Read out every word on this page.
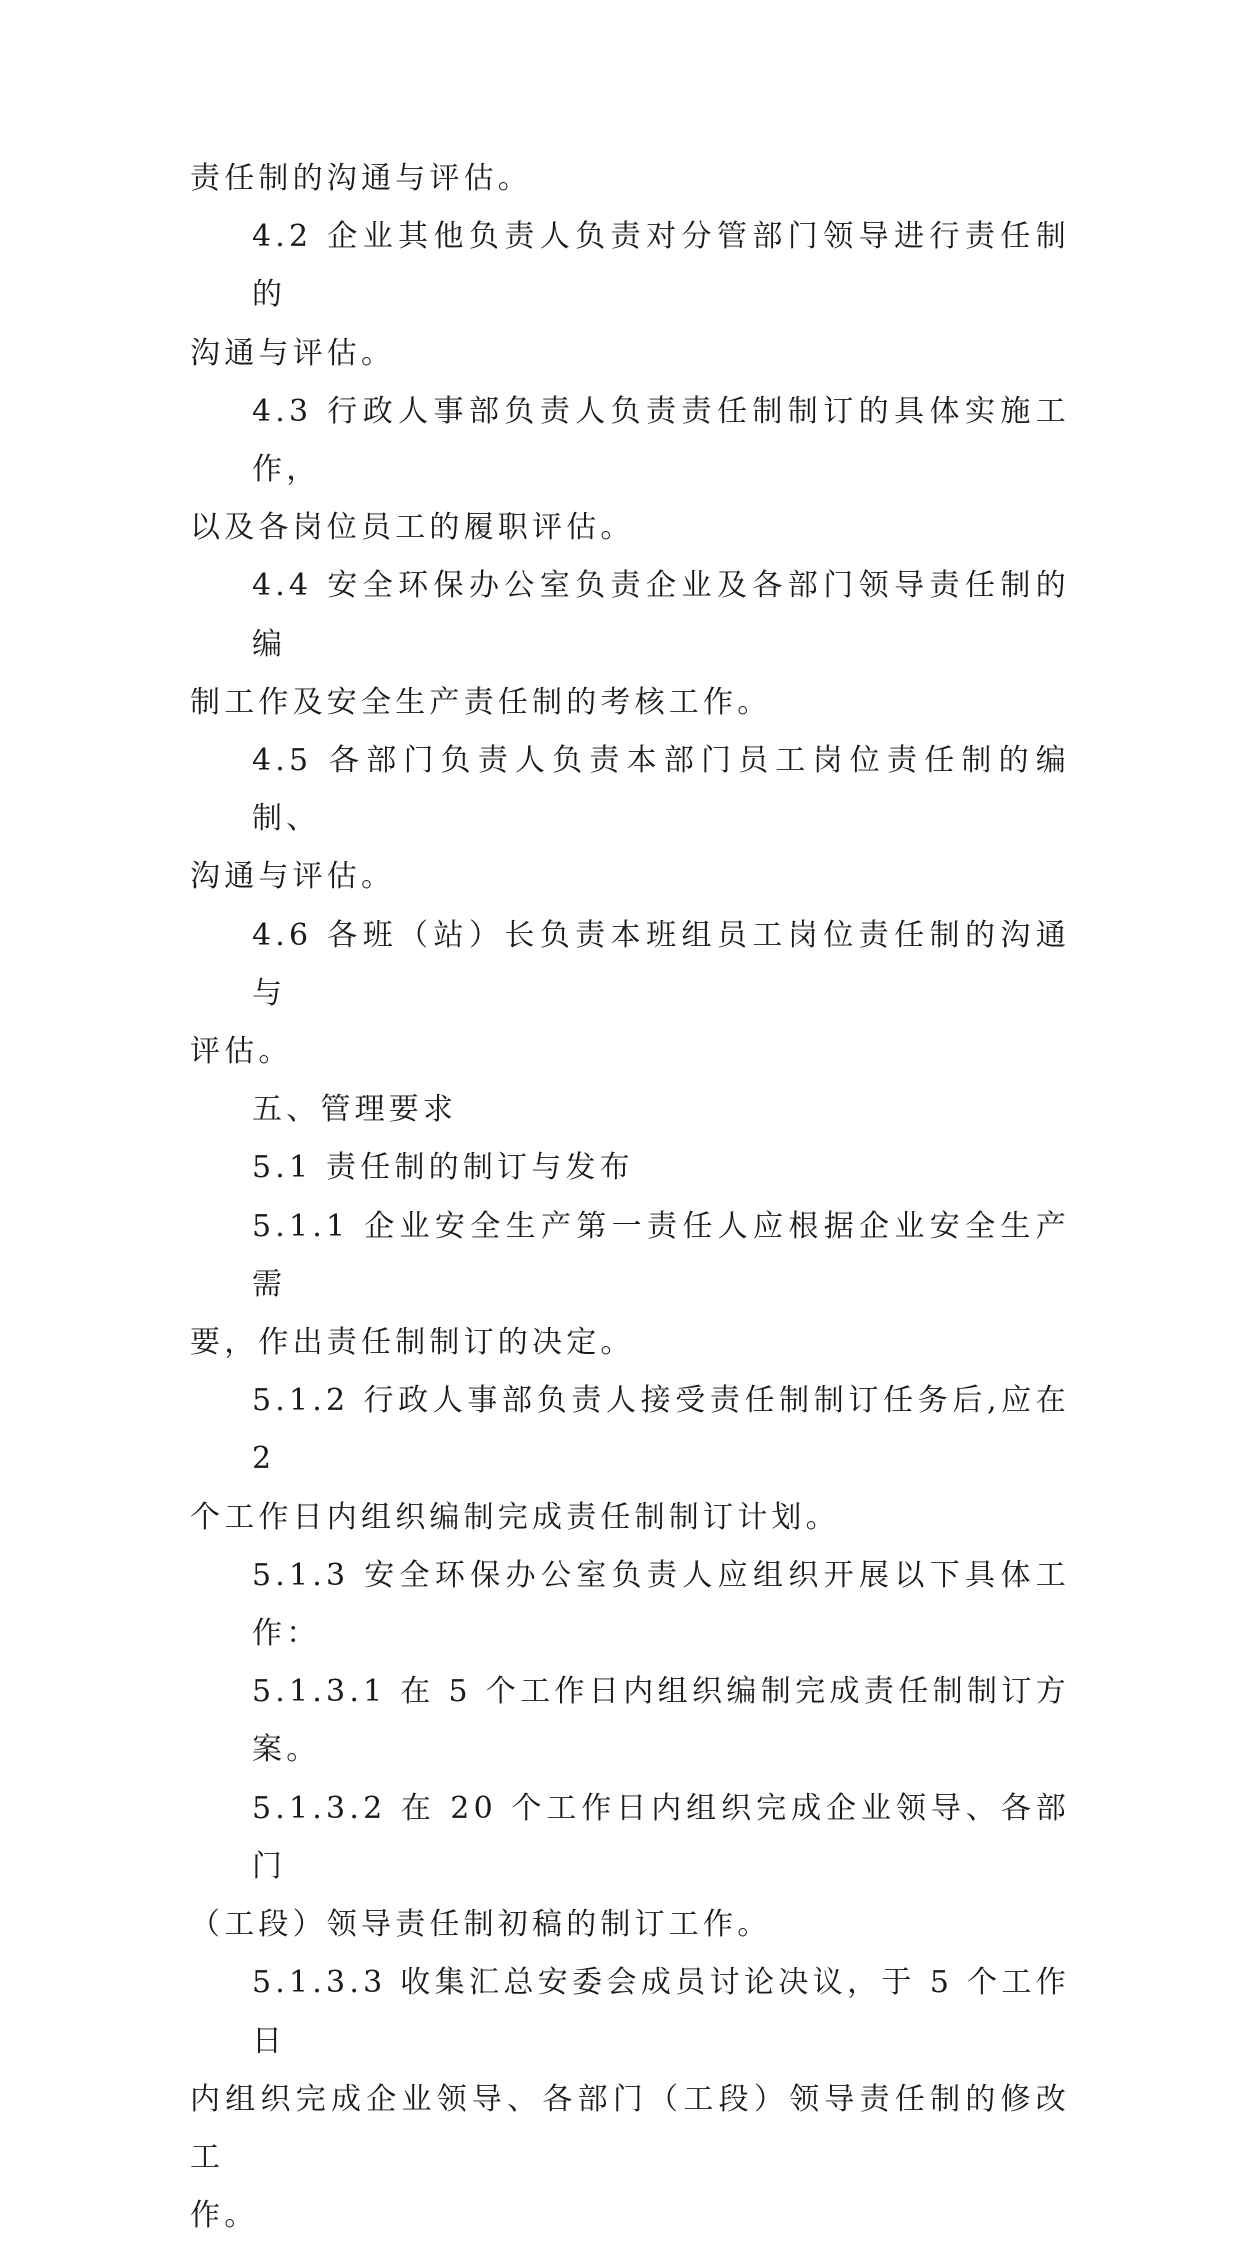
责任制的沟通与评估。

4.2 企业其他负责人负责对分管部门领导进行责任制的
沟通与评估。

4.3 行政人事部负责人负责责任制制订的具体实施工作，
以及各岗位员工的履职评估。

4.4 安全环保办公室负责企业及各部门领导责任制的编
制工作及安全生产责任制的考核工作。

4.5 各部门负责人负责本部门员工岗位责任制的编制、
沟通与评估。

4.6 各班（站）长负责本班组员工岗位责任制的沟通与
评估。

五、管理要求

5.1 责任制的制订与发布

5.1.1 企业安全生产第一责任人应根据企业安全生产需
要，作出责任制制订的决定。

5.1.2 行政人事部负责人接受责任制制订任务后,应在 2
个工作日内组织编制完成责任制制订计划。

5.1.3 安全环保办公室负责人应组织开展以下具体工作：

5.1.3.1 在 5 个工作日内组织编制完成责任制制订方案。

5.1.3.2 在 20 个工作日内组织完成企业领导、各部门
（工段）领导责任制初稿的制订工作。

5.1.3.3 收集汇总安委会成员讨论决议，于 5 个工作日
内组织完成企业领导、各部门（工段）领导责任制的修改工
作。
